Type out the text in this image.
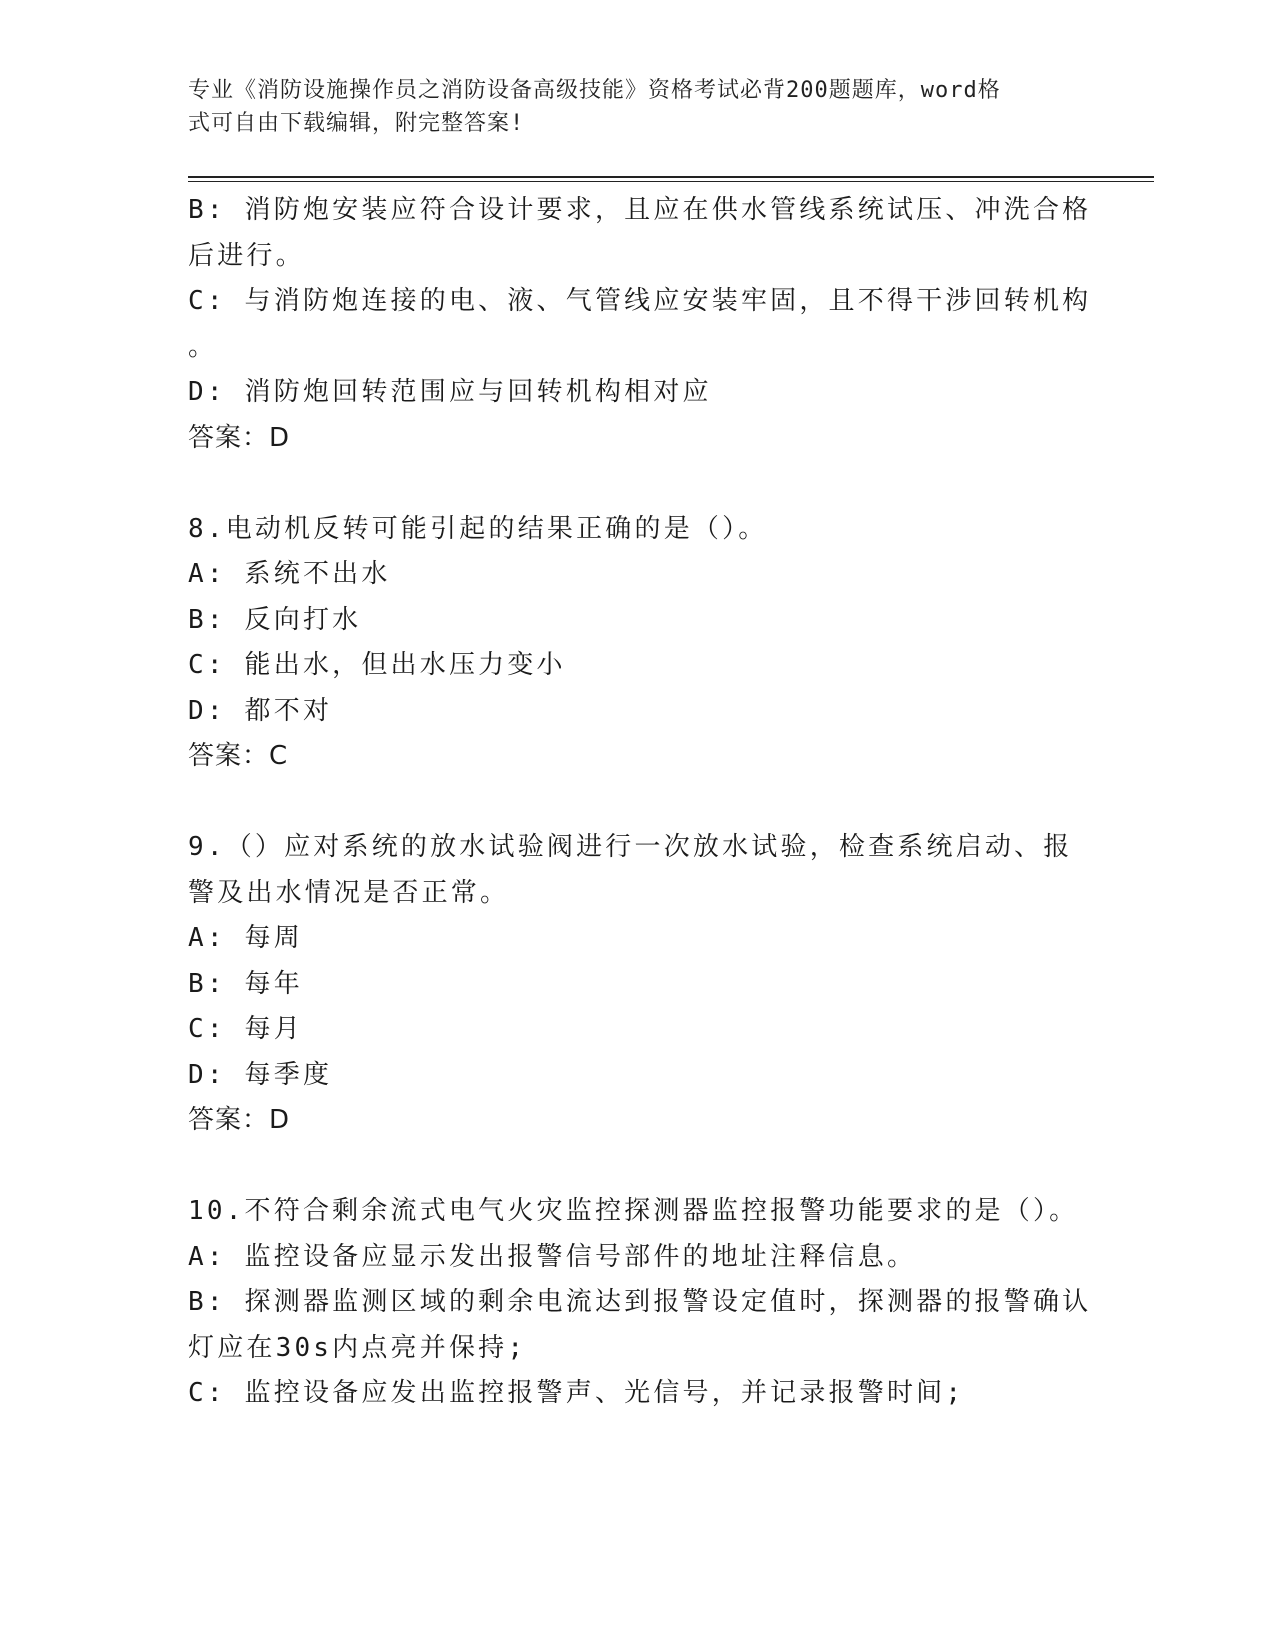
专业《消防设施操作员之消防设备高级技能》资格考试必背200题题库，word格
式可自由下载编辑，附完整答案!
B: 消防炮安装应符合设计要求，且应在供水管线系统试压、冲洗合格
后进行。
C: 与消防炮连接的电、液、气管线应安装牢固，且不得干涉回转机构
。
D: 消防炮回转范围应与回转机构相对应
答案：D
8.电动机反转可能引起的结果正确的是（）。
A: 系统不出水
B: 反向打水
C: 能出水，但出水压力变小
D: 都不对
答案：C
9.（）应对系统的放水试验阀进行一次放水试验，检查系统启动、报
警及出水情况是否正常。
A: 每周
B: 每年
C: 每月
D: 每季度
答案：D
10.不符合剩余流式电气火灾监控探测器监控报警功能要求的是（）。
A: 监控设备应显示发出报警信号部件的地址注释信息。
B: 探测器监测区域的剩余电流达到报警设定值时，探测器的报警确认
灯应在30s内点亮并保持;
C: 监控设备应发出监控报警声、光信号，并记录报警时间;
